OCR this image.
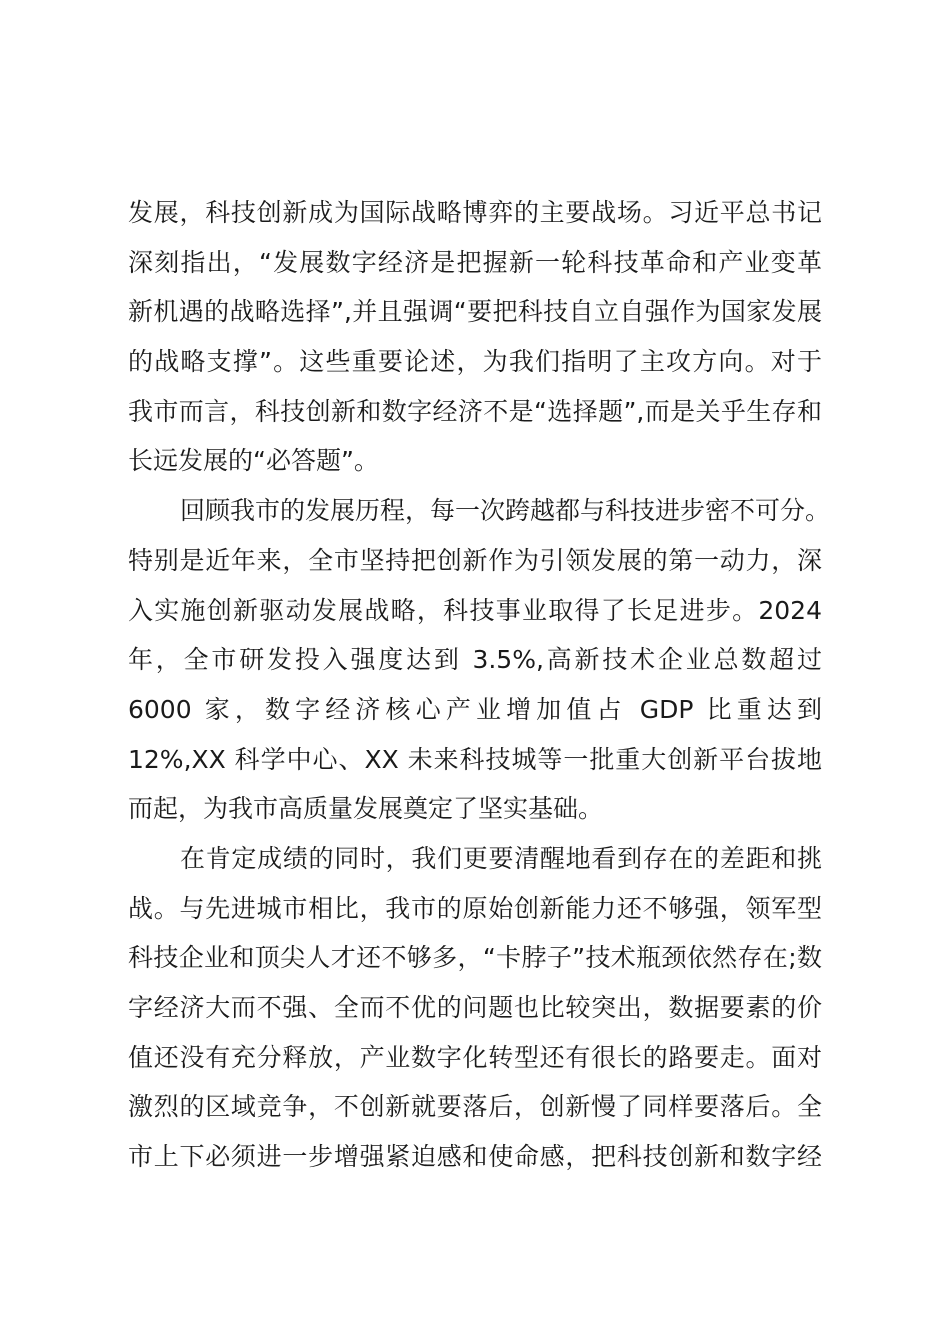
发展，科技创新成为国际战略博弈的主要战场。习近平总书记
深刻指出，“发展数字经济是把握新一轮科技革命和产业变革
新机遇的战略选择”,并且强调“要把科技自立自强作为国家发展
的战略支撑”。这些重要论述，为我们指明了主攻方向。对于
我市而言，科技创新和数字经济不是“选择题”,而是关乎生存和
长远发展的“必答题”。
回顾我市的发展历程，每一次跨越都与科技进步密不可分。
特别是近年来，全市坚持把创新作为引领发展的第一动力，深
入实施创新驱动发展战略，科技事业取得了长足进步。2024
年，全市研发投入强度达到 3.5%,高新技术企业总数超过
6000 家，数字经济核心产业增加值占 GDP 比重达到
12%,XX 科学中心、XX 未来科技城等一批重大创新平台拔地
而起，为我市高质量发展奠定了坚实基础。
在肯定成绩的同时，我们更要清醒地看到存在的差距和挑
战。与先进城市相比，我市的原始创新能力还不够强，领军型
科技企业和顶尖人才还不够多，“卡脖子”技术瓶颈依然存在;数
字经济大而不强、全而不优的问题也比较突出，数据要素的价
值还没有充分释放，产业数字化转型还有很长的路要走。面对
激烈的区域竞争，不创新就要落后，创新慢了同样要落后。全
市上下必须进一步增强紧迫感和使命感，把科技创新和数字经
